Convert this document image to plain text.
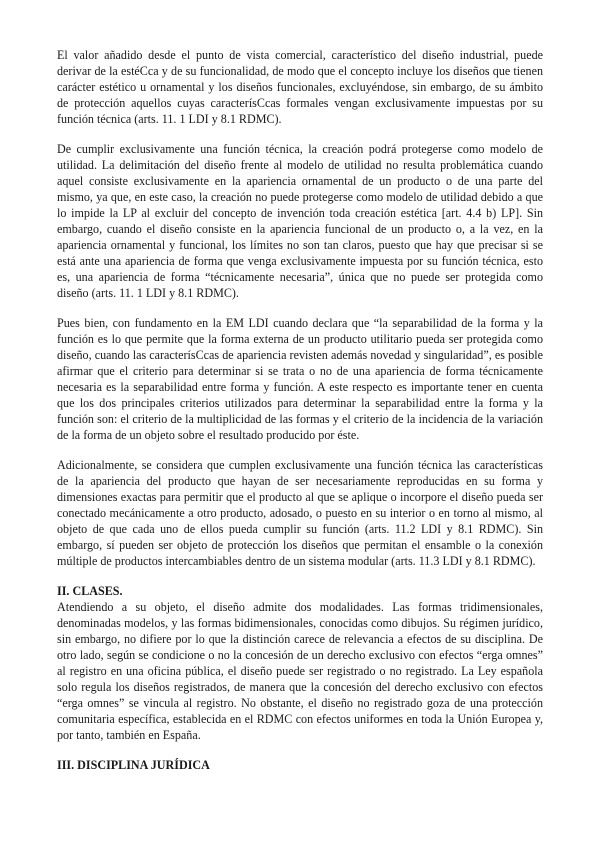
El valor añadido desde el punto de vista comercial, característico del diseño industrial, puede derivar de la estéCca y de su funcionalidad, de modo que el concepto incluye los diseños que tienen carácter estético u ornamental y los diseños funcionales, excluyéndose, sin embargo, de su ámbito de protección aquellos cuyas caracterísCcas formales vengan exclusivamente impuestas por su función técnica (arts. 11. 1 LDI y 8.1 RDMC).

De cumplir exclusivamente una función técnica, la creación podrá protegerse como modelo de utilidad. La delimitación del diseño frente al modelo de utilidad no resulta problemática cuando aquel consiste exclusivamente en la apariencia ornamental de un producto o de una parte del mismo, ya que, en este caso, la creación no puede protegerse como modelo de utilidad debido a que lo impide la LP al excluir del concepto de invención toda creación estética [art. 4.4 b) LP]. Sin embargo, cuando el diseño consiste en la apariencia funcional de un producto o, a la vez, en la apariencia ornamental y funcional, los límites no son tan claros, puesto que hay que precisar si se está ante una apariencia de forma que venga exclusivamente impuesta por su función técnica, esto es, una apariencia de forma “técnicamente necesaria”, única que no puede ser protegida como diseño (arts. 11. 1 LDI y 8.1 RDMC).

Pues bien, con fundamento en la EM LDI cuando declara que “la separabilidad de la forma y la función es lo que permite que la forma externa de un producto utilitario pueda ser protegida como diseño, cuando las caracterísCcas de apariencia revisten además novedad y singularidad”, es posible afirmar que el criterio para determinar si se trata o no de una apariencia de forma técnicamente necesaria es la separabilidad entre forma y función. A este respecto es importante tener en cuenta que los dos principales criterios utilizados para determinar la separabilidad entre la forma y la función son: el criterio de la multiplicidad de las formas y el criterio de la incidencia de la variación de la forma de un objeto sobre el resultado producido por éste.

Adicionalmente, se considera que cumplen exclusivamente una función técnica las características de la apariencia del producto que hayan de ser necesariamente reproducidas en su forma y dimensiones exactas para permitir que el producto al que se aplique o incorpore el diseño pueda ser conectado mecánicamente a otro producto, adosado, o puesto en su interior o en torno al mismo, al objeto de que cada uno de ellos pueda cumplir su función (arts. 11.2 LDI y 8.1 RDMC). Sin embargo, sí pueden ser objeto de protección los diseños que permitan el ensamble o la conexión múltiple de productos intercambiables dentro de un sistema modular (arts. 11.3 LDI y 8.1 RDMC).

II. CLASES.

Atendiendo a su objeto, el diseño admite dos modalidades. Las formas tridimensionales, denominadas modelos, y las formas bidimensionales, conocidas como dibujos. Su régimen jurídico, sin embargo, no difiere por lo que la distinción carece de relevancia a efectos de su disciplina. De otro lado, según se condicione o no la concesión de un derecho exclusivo con efectos “erga omnes” al registro en una oficina pública, el diseño puede ser registrado o no registrado. La Ley española solo regula los diseños registrados, de manera que la concesión del derecho exclusivo con efectos “erga omnes” se vincula al registro. No obstante, el diseño no registrado goza de una protección comunitaria específica, establecida en el RDMC con efectos uniformes en toda la Unión Europea y, por tanto, también en España.

III. DISCIPLINA JURÍDICA
